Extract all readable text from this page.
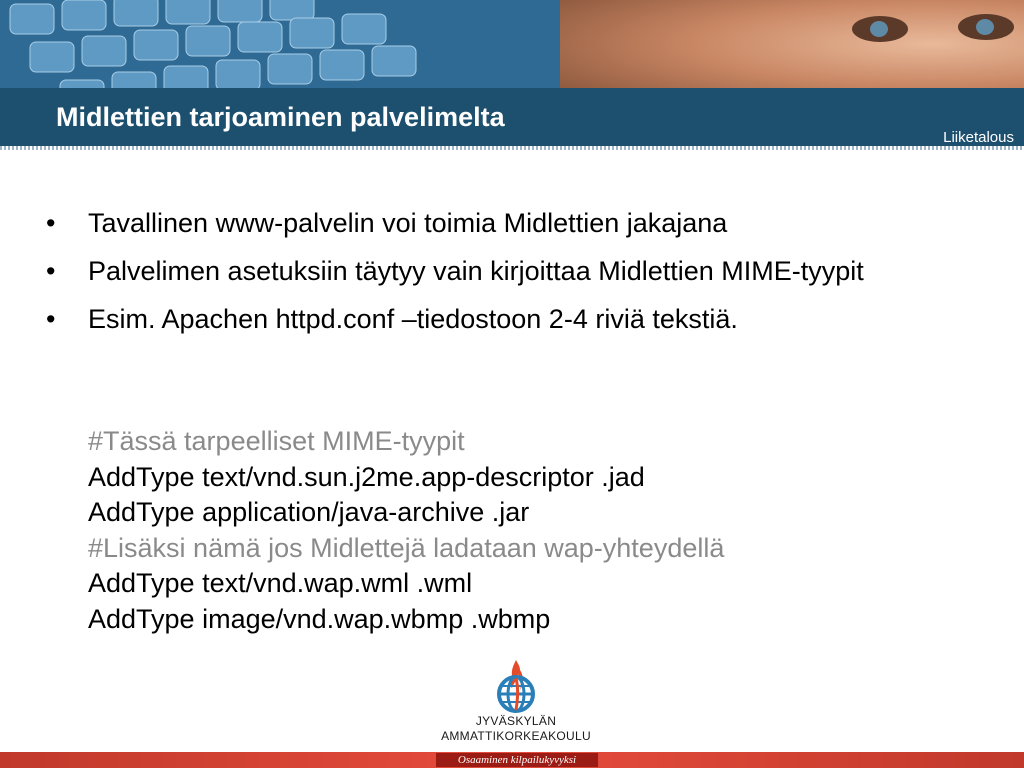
Midlettien tarjoaminen palvelimelta
Liiketalous
• Tavallinen www-palvelin voi toimia Midlettien jakajana
• Palvelimen asetuksiin täytyy vain kirjoittaa Midlettien MIME-tyypit
• Esim. Apachen httpd.conf –tiedostoon 2-4 riviä tekstiä.
#Tässä tarpeelliset MIME-tyypit
AddType text/vnd.sun.j2me.app-descriptor .jad
AddType application/java-archive .jar
#Lisäksi nämä jos Midlettejä ladataan wap-yhteydellä
AddType text/vnd.wap.wml .wml
AddType image/vnd.wap.wbmp .wbmp
JYVÄSKYLÄN
AMMATTIKORKEAKOULU
Osaaminen kilpailukyvyksi
